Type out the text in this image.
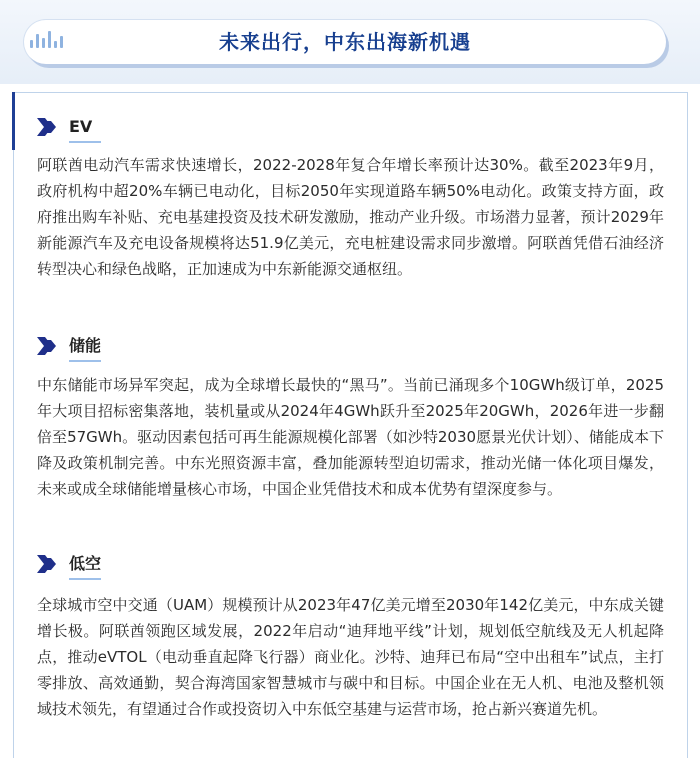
未来出行，中东出海新机遇
EV
阿联酋电动汽车需求快速增长，2022-2028年复合年增长率预计达30%。截至2023年9月，政府机构中超20%车辆已电动化，目标2050年实现道路车辆50%电动化。政策支持方面，政府推出购车补贴、充电基建投资及技术研发激励，推动产业升级。市场潜力显著，预计2029年新能源汽车及充电设备规模将达51.9亿美元，充电桩建设需求同步激增。阿联酋凭借石油经济转型决心和绿色战略，正加速成为中东新能源交通枢纽。
储能
中东储能市场异军突起，成为全球增长最快的“黑马”。当前已涌现多个10GWh级订单，2025年大项目招标密集落地，装机量或从2024年4GWh跃升至2025年20GWh，2026年进一步翻倍至57GWh。驱动因素包括可再生能源规模化部署（如沙特2030愿景光伏计划）、储能成本下降及政策机制完善。中东光照资源丰富，叠加能源转型迫切需求，推动光储一体化项目爆发，未来或成全球储能增量核心市场，中国企业凭借技术和成本优势有望深度参与。
低空
全球城市空中交通（UAM）规模预计从2023年47亿美元增至2030年142亿美元，中东成关键增长极。阿联酋领跑区域发展，2022年启动“迪拜地平线”计划，规划低空航线及无人机起降点，推动eVTOL（电动垂直起降飞行器）商业化。沙特、迪拜已布局“空中出租车”试点，主打零排放、高效通勤，契合海湾国家智慧城市与碳中和目标。中国企业在无人机、电池及整机领域技术领先，有望通过合作或投资切入中东低空基建与运营市场，抢占新兴赛道先机。
